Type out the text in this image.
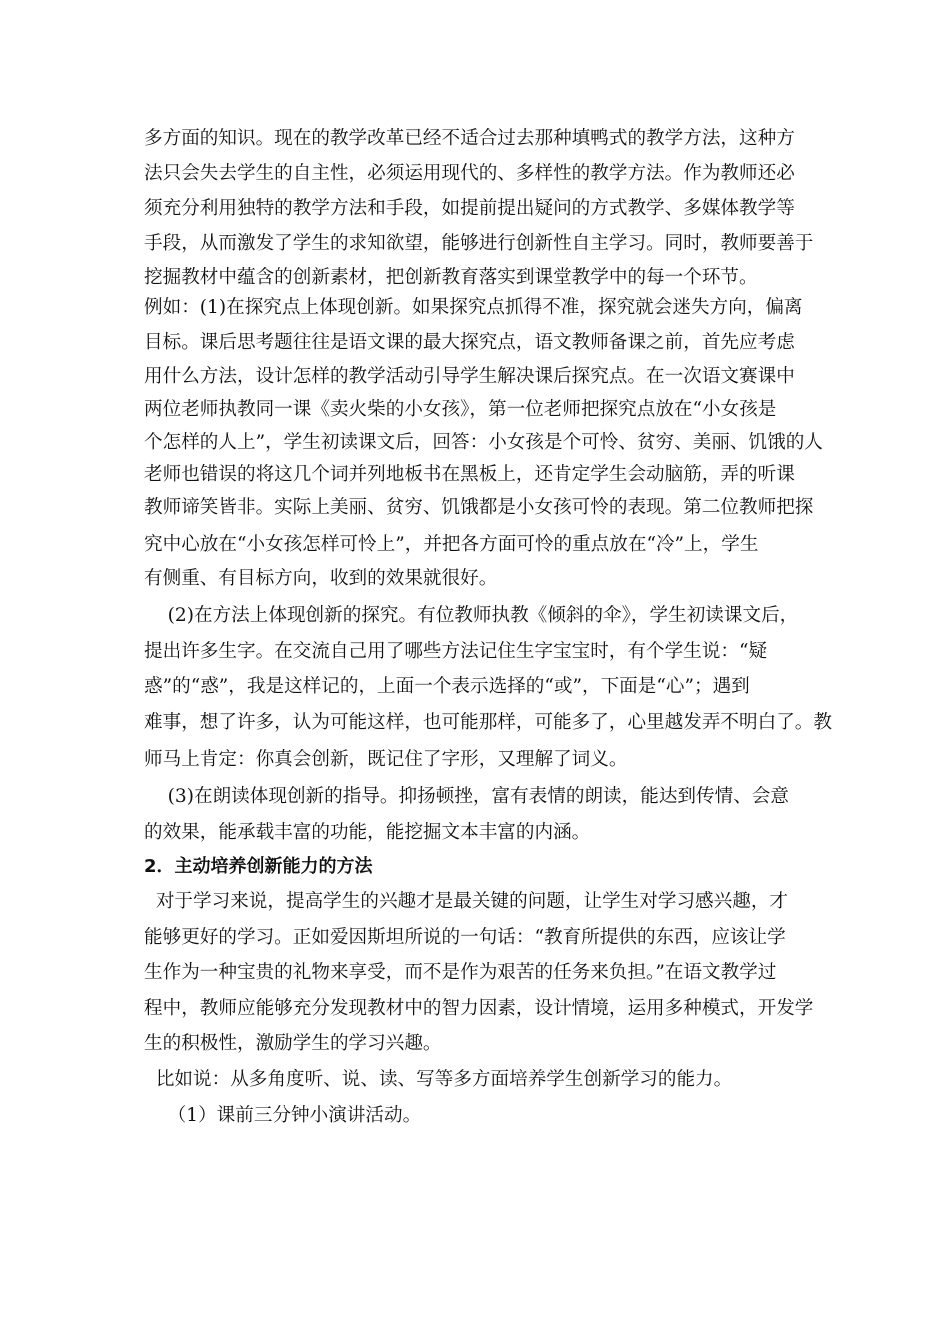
多方面的知识。现在的教学改革已经不适合过去那种填鸭式的教学方法，这种方
法只会失去学生的自主性，必须运用现代的、多样性的教学方法。作为教师还必
须充分利用独特的教学方法和手段，如提前提出疑问的方式教学、多媒体教学等
手段，从而激发了学生的求知欲望，能够进行创新性自主学习。同时，教师要善于
挖掘教材中蕴含的创新素材，把创新教育落实到课堂教学中的每一个环节。
例如：(1)在探究点上体现创新。如果探究点抓得不准，探究就会迷失方向，偏离
目标。课后思考题往往是语文课的最大探究点，语文教师备课之前，首先应考虑
用什么方法，设计怎样的教学活动引导学生解决课后探究点。在一次语文赛课中
两位老师执教同一课《卖火柴的小女孩》，第一位老师把探究点放在“小女孩是
个怎样的人上”，学生初读课文后，回答：小女孩是个可怜、贫穷、美丽、饥饿的人
老师也错误的将这几个词并列地板书在黑板上，还肯定学生会动脑筋，弄的听课
教师谛笑皆非。实际上美丽、贫穷、饥饿都是小女孩可怜的表现。第二位教师把探
究中心放在“小女孩怎样可怜上”，并把各方面可怜的重点放在“冷”上，学生
有侧重、有目标方向，收到的效果就很好。
(2)在方法上体现创新的探究。有位教师执教《倾斜的伞》，学生初读课文后，
提出许多生字。在交流自己用了哪些方法记住生字宝宝时，有个学生说：“疑
惑”的“惑”，我是这样记的，上面一个表示选择的“或”，下面是“心”；遇到
难事，想了许多，认为可能这样，也可能那样，可能多了，心里越发弄不明白了。教
师马上肯定：你真会创新，既记住了字形，又理解了词义。
(3)在朗读体现创新的指导。抑扬顿挫，富有表情的朗读，能达到传情、会意
的效果，能承载丰富的功能，能挖掘文本丰富的内涵。
2．主动培养创新能力的方法
对于学习来说，提高学生的兴趣才是最关键的问题，让学生对学习感兴趣，才
能够更好的学习。正如爱因斯坦所说的一句话：“教育所提供的东西，应该让学
生作为一种宝贵的礼物来享受，而不是作为艰苦的任务来负担。”在语文教学过
程中，教师应能够充分发现教材中的智力因素，设计情境，运用多种模式，开发学
生的积极性，激励学生的学习兴趣。
比如说：从多角度听、说、读、写等多方面培养学生创新学习的能力。
（1）课前三分钟小演讲活动。
